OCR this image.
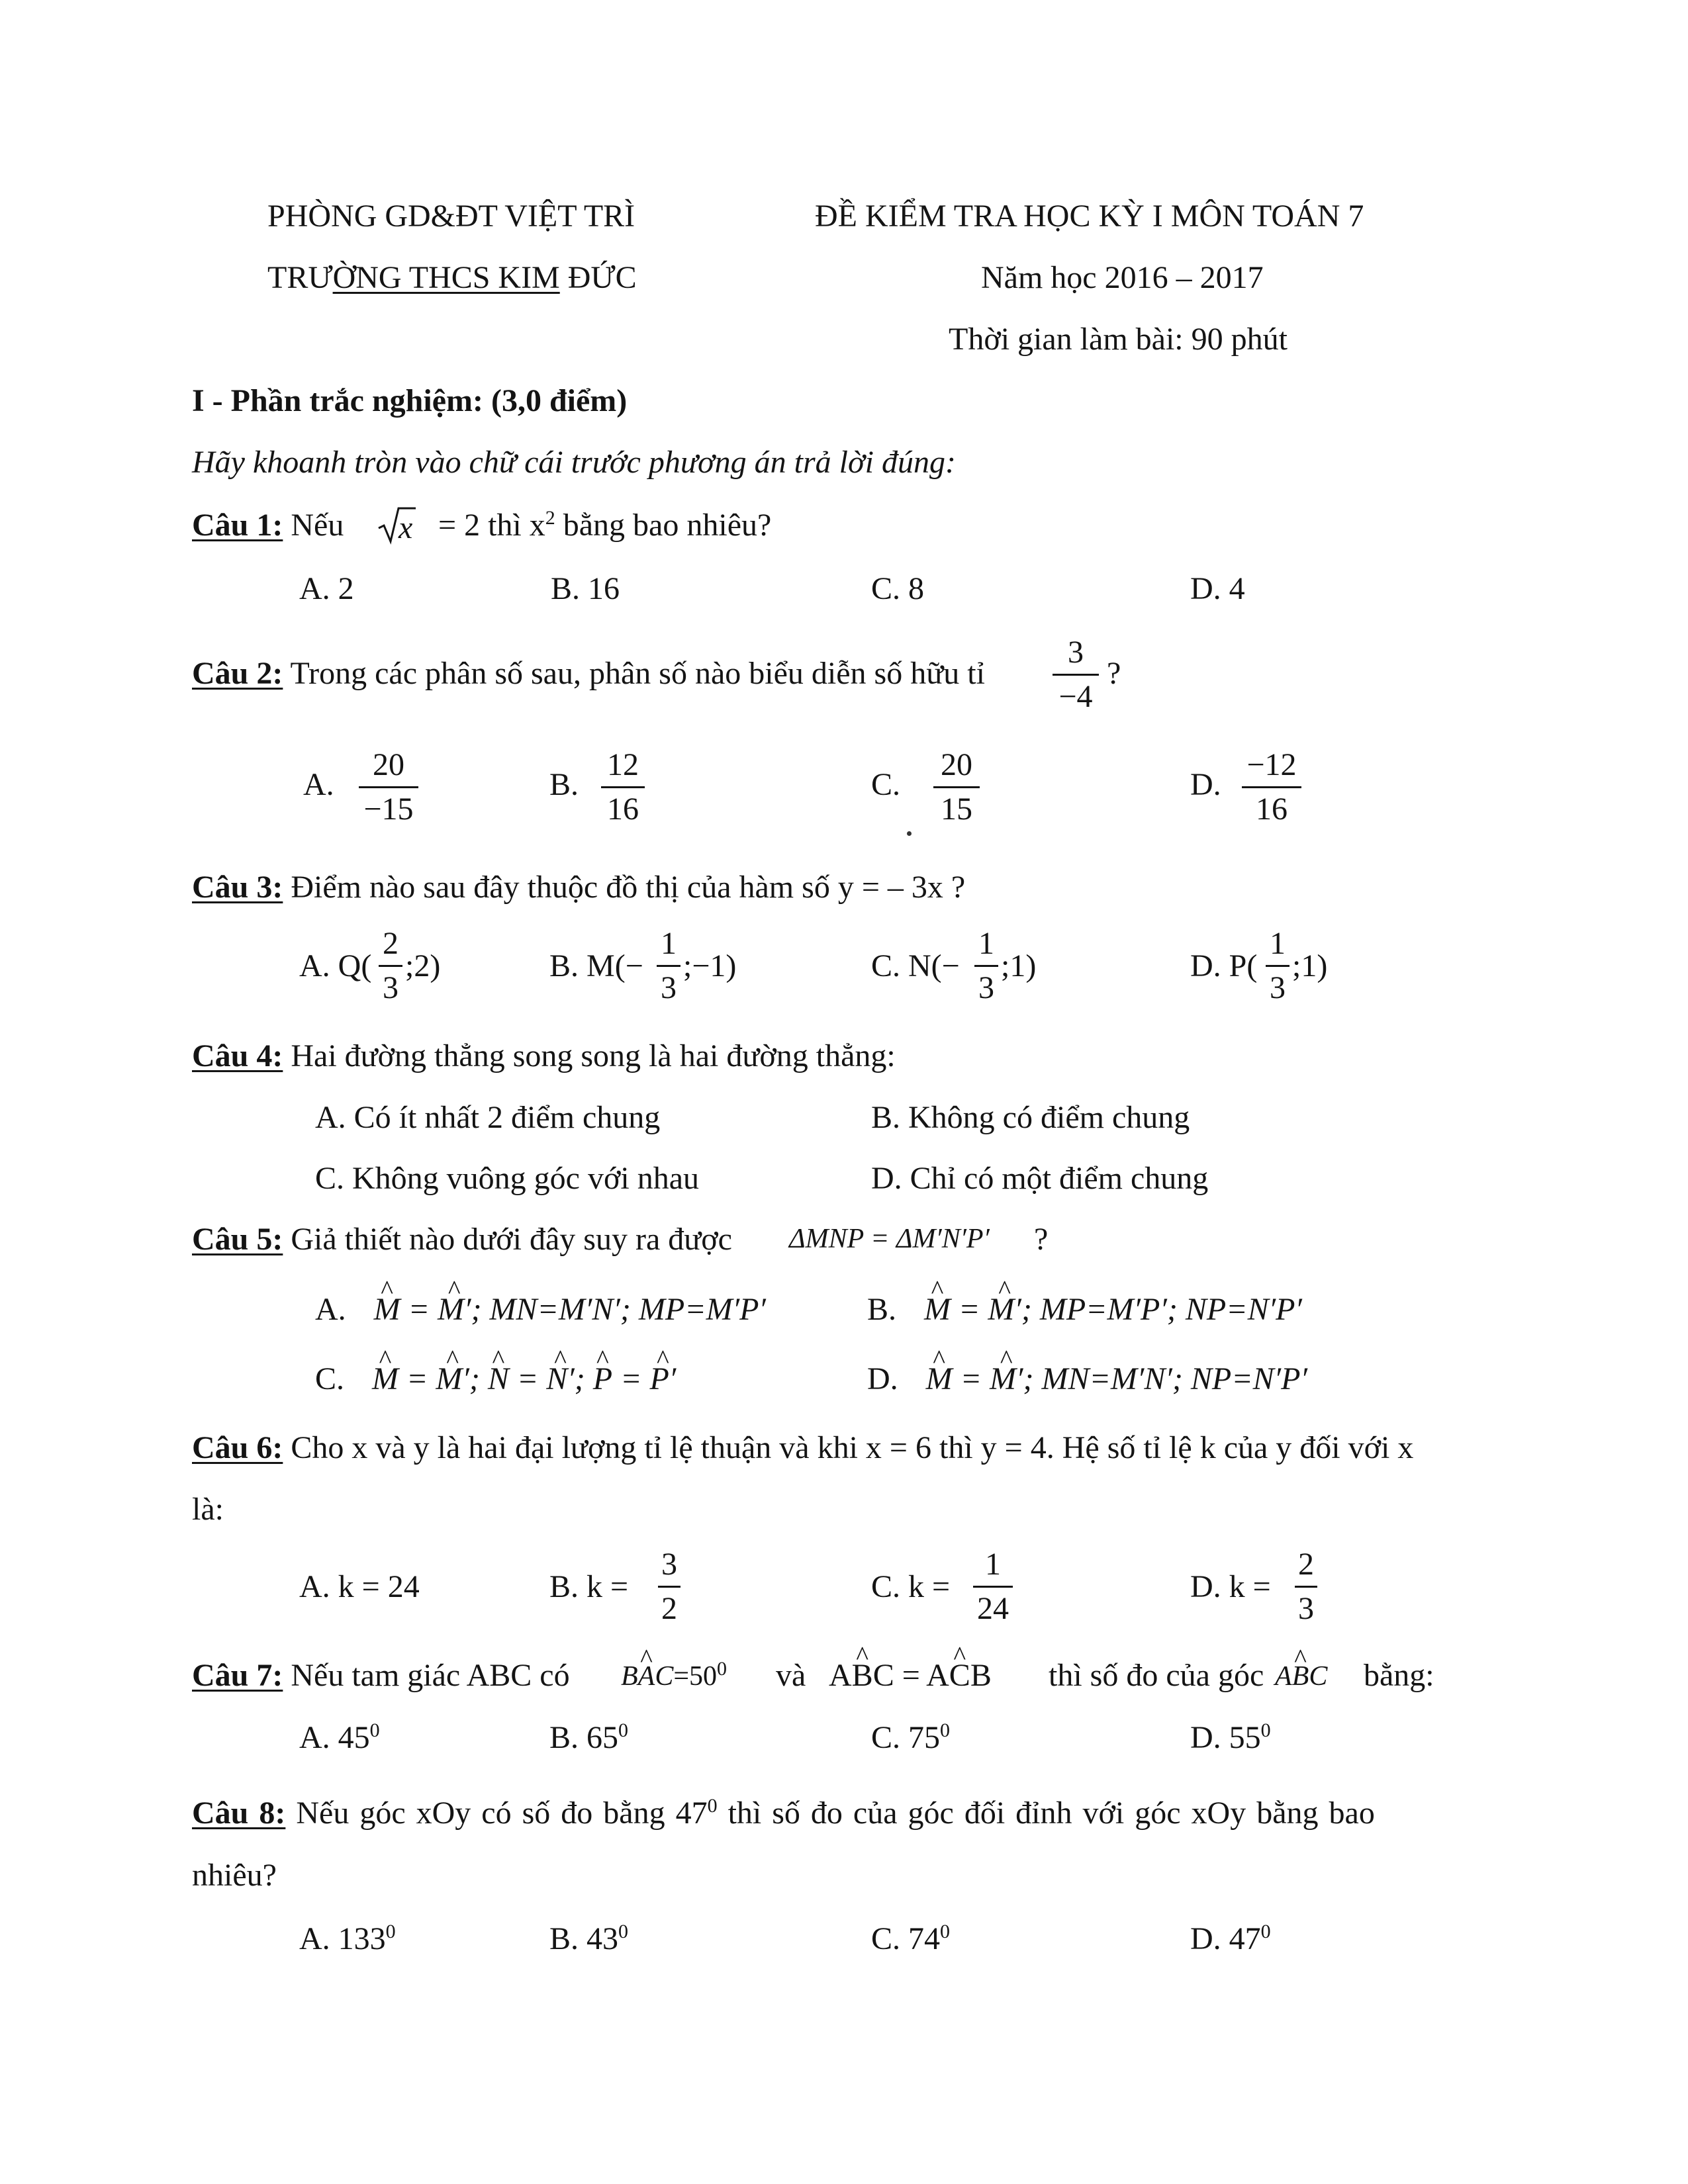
PHÒNG GD&ĐT VIỆT TRÌ
TRƯỜNG THCS KIM ĐỨC
ĐỀ KIỂM TRA HỌC KỲ I MÔN TOÁN 7
Năm học 2016 – 2017
Thời gian làm bài: 90 phút
I - Phần trắc nghiệm: (3,0 điểm)
Hãy khoanh tròn vào chữ cái trước phương án trả lời đúng:
Câu 1: Nếu x = 2 thì $x^2$ bằng bao nhiêu?
A. 2	B. 16	C. 8	D. 4
Câu 2: Trong các phân số sau, phân số nào biểu diễn số hữu tỉ
3
−4
?
A.
20
−15
B.
12
16
C.
20
15
D.
−12
16
Câu 3: Điểm nào sau đây thuộc đồ thị của hàm số y = – 3x ?
A. Q(
2
3
;2)	B. M(−
1
3
;−1)	C. N(−
1
3
;1)	D. P(
1
3
;1)
Câu 4: Hai đường thẳng song song là hai đường thẳng:
A. Có ít nhất 2 điểm chung	B. Không có điểm chung
C. Không vuông góc với nhau	D. Chỉ có một điểm chung
Câu 5: Giả thiết nào dưới đây suy ra được ΔMNP = ΔM′N′P′ ?
A. ^ M = ^ M′; MN=M′N′; MP=M′P′	B. ^ M = ^ M′; MP=M′P′; NP=N′P′
C. ^ M = ^ M′; ^ N = ^ N′; ^ P = ^ P′	D. ^ M = ^ M′; MN=M′N′; NP=N′P′
Câu 6: Cho x và y là hai đại lượng tỉ lệ thuận và khi x = 6 thì y = 4. Hệ số tỉ lệ k của y đối với x
là:
A. k = 24	B. k =
3
2
C. k =
1
24
D. k =
2
3
Câu 7: Nếu tam giác ABC có B^ $AC=50^0$ và A^ BC = A^ CB thì số đo của góc A^ BC bằng:
A. $45^0$	B. $65^0$	C. $75^0$	D. $55^0$
Câu 8: Nếu góc xOy có số đo bằng $47^0$ thì số đo của góc đối đỉnh với góc xOy bằng bao
nhiêu?
A. $133^0$	B. $43^0$	C. $74^0$	D. $47^0$
